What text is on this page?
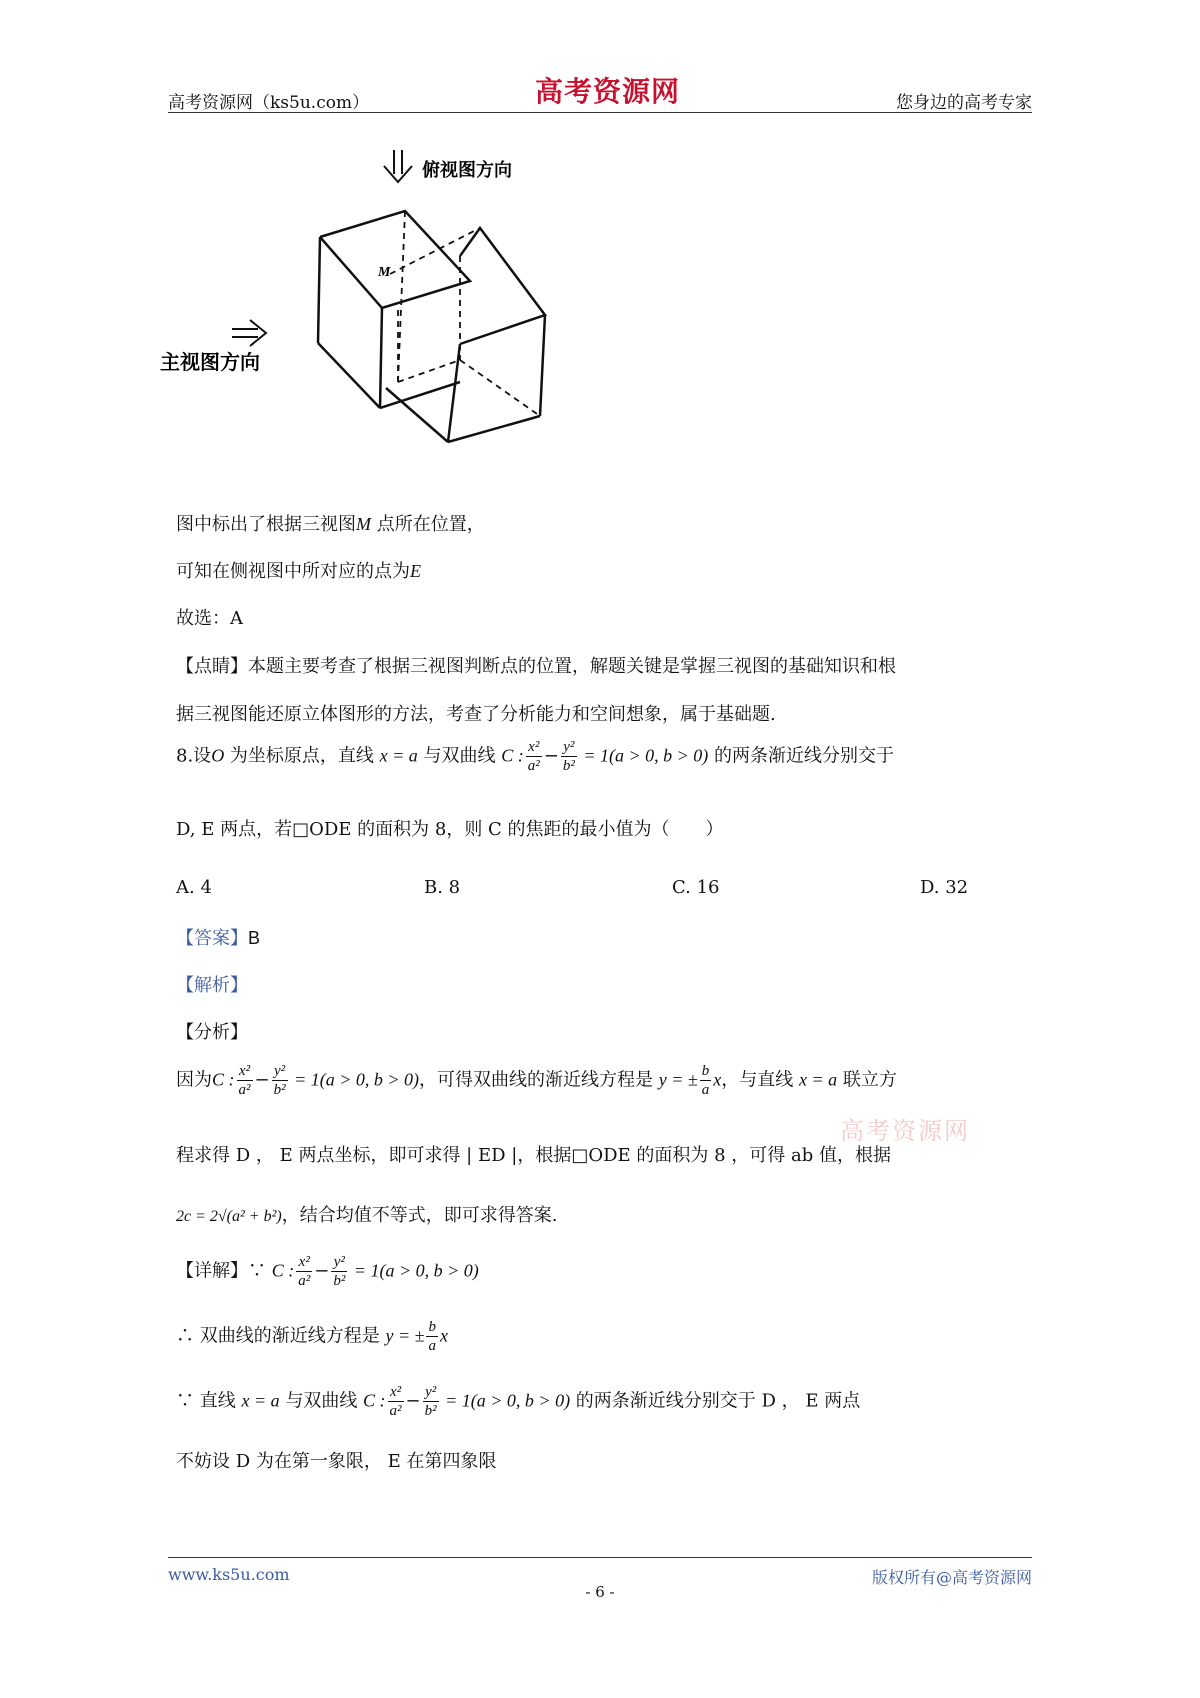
高考资源网（ks5u.com）	高考资源网	您身边的高考专家
俯视图方向
主视图方向
M
图中标出了根据三视图M 点所在位置，
可知在侧视图中所对应的点为E
故选：A
【点睛】本题主要考查了根据三视图判断点的位置，解题关键是掌握三视图的基础知识和根
据三视图能还原立体图形的方法，考查了分析能力和空间想象，属于基础题.
8.设O 为坐标原点，直线 x = a 与双曲线 C : $\frac{\text{x²}}{\text{a²}} - \frac{\text{y²}}{\text{b²}} = 1(a > 0$, b > 0) 的两条渐近线分别交于
D, E 两点，若□ODE 的面积为 8，则 C 的焦距的最小值为（　　）
A. 4	B. 8	C. 16	D. 32
【答案】B
【解析】
【分析】
因为C : $\frac{\text{x²}}{\text{a²}} - \frac{\text{y²}}{\text{b²}} = 1(a > 0$, b > 0)，可得双曲线的渐近线方程是 y = ± $\frac{b}{a}$ x，与直线 x = a 联立方
程求得 D ， E 两点坐标，即可求得 | ED |，根据□ODE 的面积为 8 ，可得 ab 值，根据
2c = 2√(a² + b²)，结合均值不等式，即可求得答案.
【详解】∵ C : $\frac{\text{x²}}{\text{a²}} - \frac{\text{y²}}{\text{b²}} = 1(a > 0$, b > 0)
∴ 双曲线的渐近线方程是 y = ± $\frac{b}{a}$ x
∵ 直线 x = a 与双曲线 C : $\frac{\text{x²}}{\text{a²}} - \frac{\text{y²}}{\text{b²}} = 1(a > 0$, b > 0) 的两条渐近线分别交于 D ， E 两点
不妨设 D 为在第一象限， E 在第四象限
高考资源网
www.ks5u.com
- 6 -
版权所有@高考资源网
